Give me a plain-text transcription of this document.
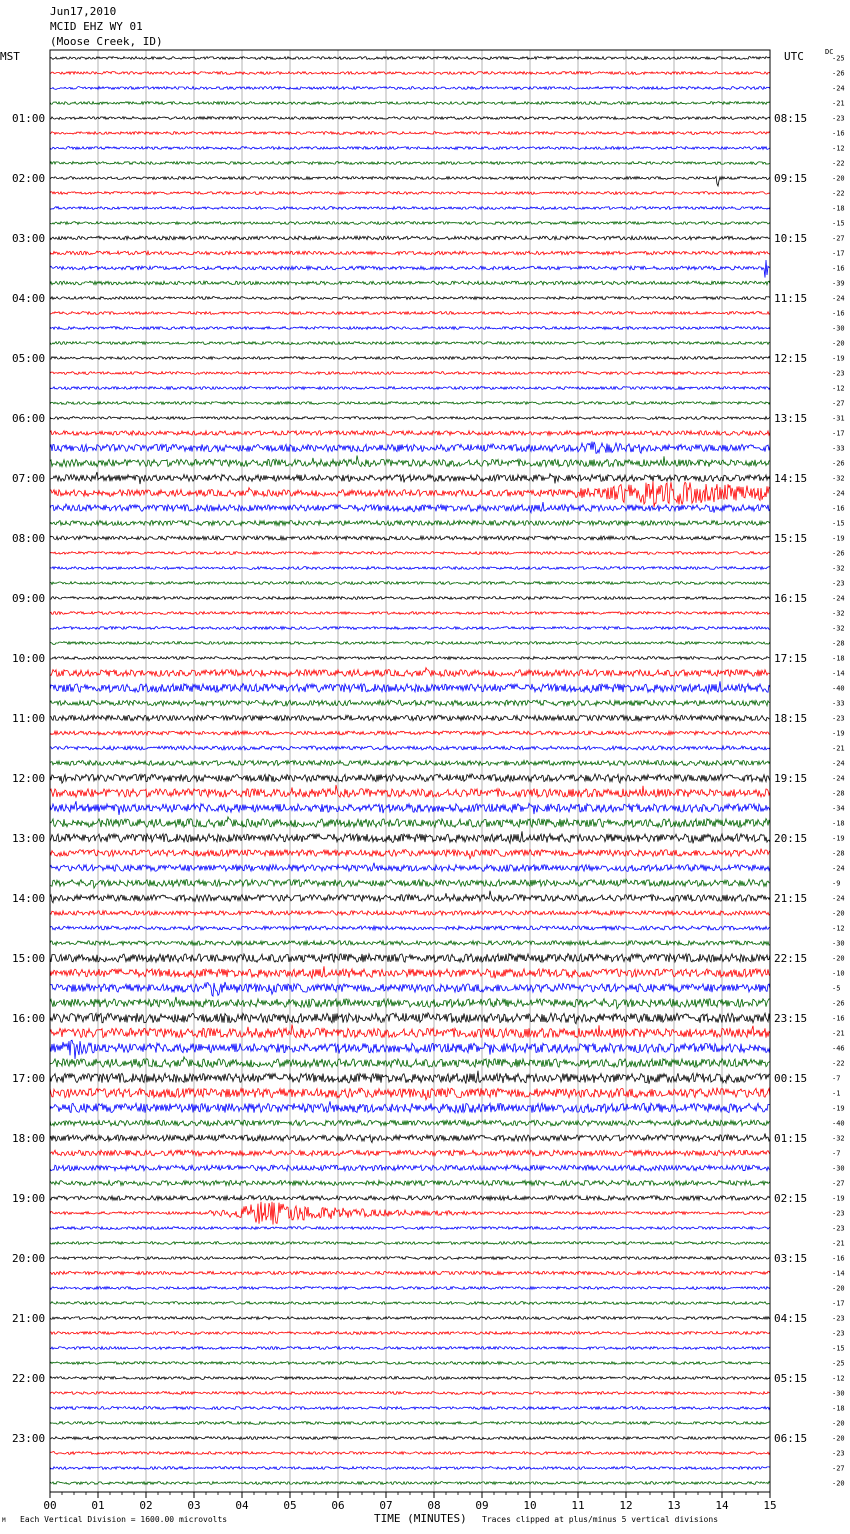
Jun17,2010
MCID EHZ WY 01
(Moose Creek, ID)
MST	UTC	DC
-25
-26
-24
-21
-23
-16
-12
-22
-20
-22
-18
-15
-27
-17
-16
-39
-24
-16
-30
-20
-19
-23
-12
-27
-31
-17
-33
-26
-32
-24
-16
-15
-19
-26
-32
-23
-24
-32
-32
-28
-18
-14
-40
-33
-23
-19
-21
-24
-24
-28
-34
-18
-19
-28
-24
-9
-24
-20
-12
-30
-20
-10
-5
-26
-16
-21
-46
-22
-7
-1
-19
-40
-32
-7
-30
-27
-19
-23
-23
-21
-16
-14
-20
-17
-23
-23
-15
-25
-12
-30
-18
-20
-20
-23
-27
-20
01:00
02:00
03:00
04:00
05:00
06:00
07:00
08:00
09:00
10:00
11:00
12:00
13:00
14:00
15:00
16:00
17:00
18:00
19:00
20:00
21:00
22:00
23:00
08:15
09:15
10:15
11:15
12:15
13:15
14:15
15:15
16:15
17:15
18:15
19:15
20:15
21:15
22:15
23:15
00:15
01:15
02:15
03:15
04:15
05:15
06:15
00	01	02	03	04	05	06	07	08	09	10	11	12	13	14	15
M Each Vertical Division = 1600.00 microvolts	TIME (MINUTES) Traces clipped at plus/minus 5 vertical divisions
